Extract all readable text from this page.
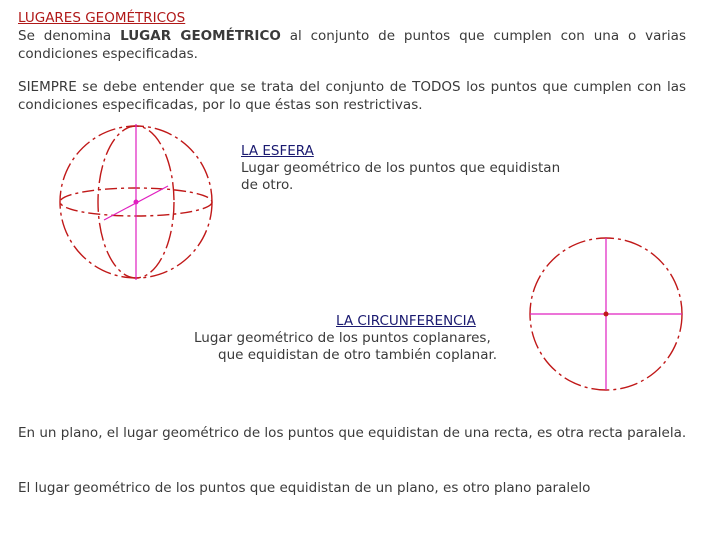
LUGARES GEOMÉTRICOS
Se denomina LUGAR GEOMÉTRICO al conjunto de puntos que cumplen con una o varias condiciones especificadas.
SIEMPRE se debe entender que se trata del conjunto de TODOS los puntos que cumplen con las condiciones especificadas, por lo que éstas son restrictivas.
LA ESFERA
Lugar geométrico de los puntos que equidistan
de otro.
LA CIRCUNFERENCIA
Lugar geométrico de los puntos coplanares,
que equidistan de otro también coplanar.
En un plano, el lugar geométrico de los puntos que equidistan de una recta, es otra recta paralela.
El lugar geométrico de los puntos que equidistan de un plano, es otro plano paralelo
